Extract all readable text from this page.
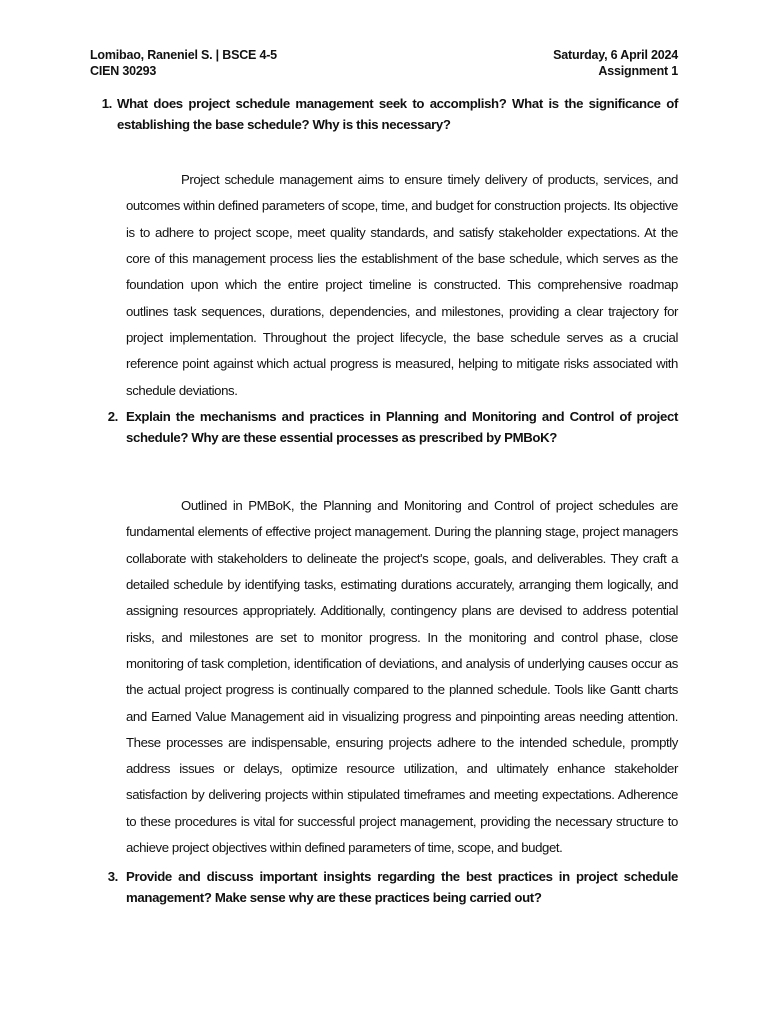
Lomibao, Raneniel S. | BSCE 4-5
CIEN 30293
Saturday, 6 April 2024
Assignment 1
1. What does project schedule management seek to accomplish? What is the significance of establishing the base schedule? Why is this necessary?

Project schedule management aims to ensure timely delivery of products, services, and outcomes within defined parameters of scope, time, and budget for construction projects. Its objective is to adhere to project scope, meet quality standards, and satisfy stakeholder expectations. At the core of this management process lies the establishment of the base schedule, which serves as the foundation upon which the entire project timeline is constructed. This comprehensive roadmap outlines task sequences, durations, dependencies, and milestones, providing a clear trajectory for project implementation. Throughout the project lifecycle, the base schedule serves as a crucial reference point against which actual progress is measured, helping to mitigate risks associated with schedule deviations.

2. Explain the mechanisms and practices in Planning and Monitoring and Control of project schedule? Why are these essential processes as prescribed by PMBoK?

Outlined in PMBoK, the Planning and Monitoring and Control of project schedules are fundamental elements of effective project management. During the planning stage, project managers collaborate with stakeholders to delineate the project's scope, goals, and deliverables. They craft a detailed schedule by identifying tasks, estimating durations accurately, arranging them logically, and assigning resources appropriately. Additionally, contingency plans are devised to address potential risks, and milestones are set to monitor progress. In the monitoring and control phase, close monitoring of task completion, identification of deviations, and analysis of underlying causes occur as the actual project progress is continually compared to the planned schedule. Tools like Gantt charts and Earned Value Management aid in visualizing progress and pinpointing areas needing attention. These processes are indispensable, ensuring projects adhere to the intended schedule, promptly address issues or delays, optimize resource utilization, and ultimately enhance stakeholder satisfaction by delivering projects within stipulated timeframes and meeting expectations. Adherence to these procedures is vital for successful project management, providing the necessary structure to achieve project objectives within defined parameters of time, scope, and budget.

3. Provide and discuss important insights regarding the best practices in project schedule management? Make sense why are these practices being carried out?
